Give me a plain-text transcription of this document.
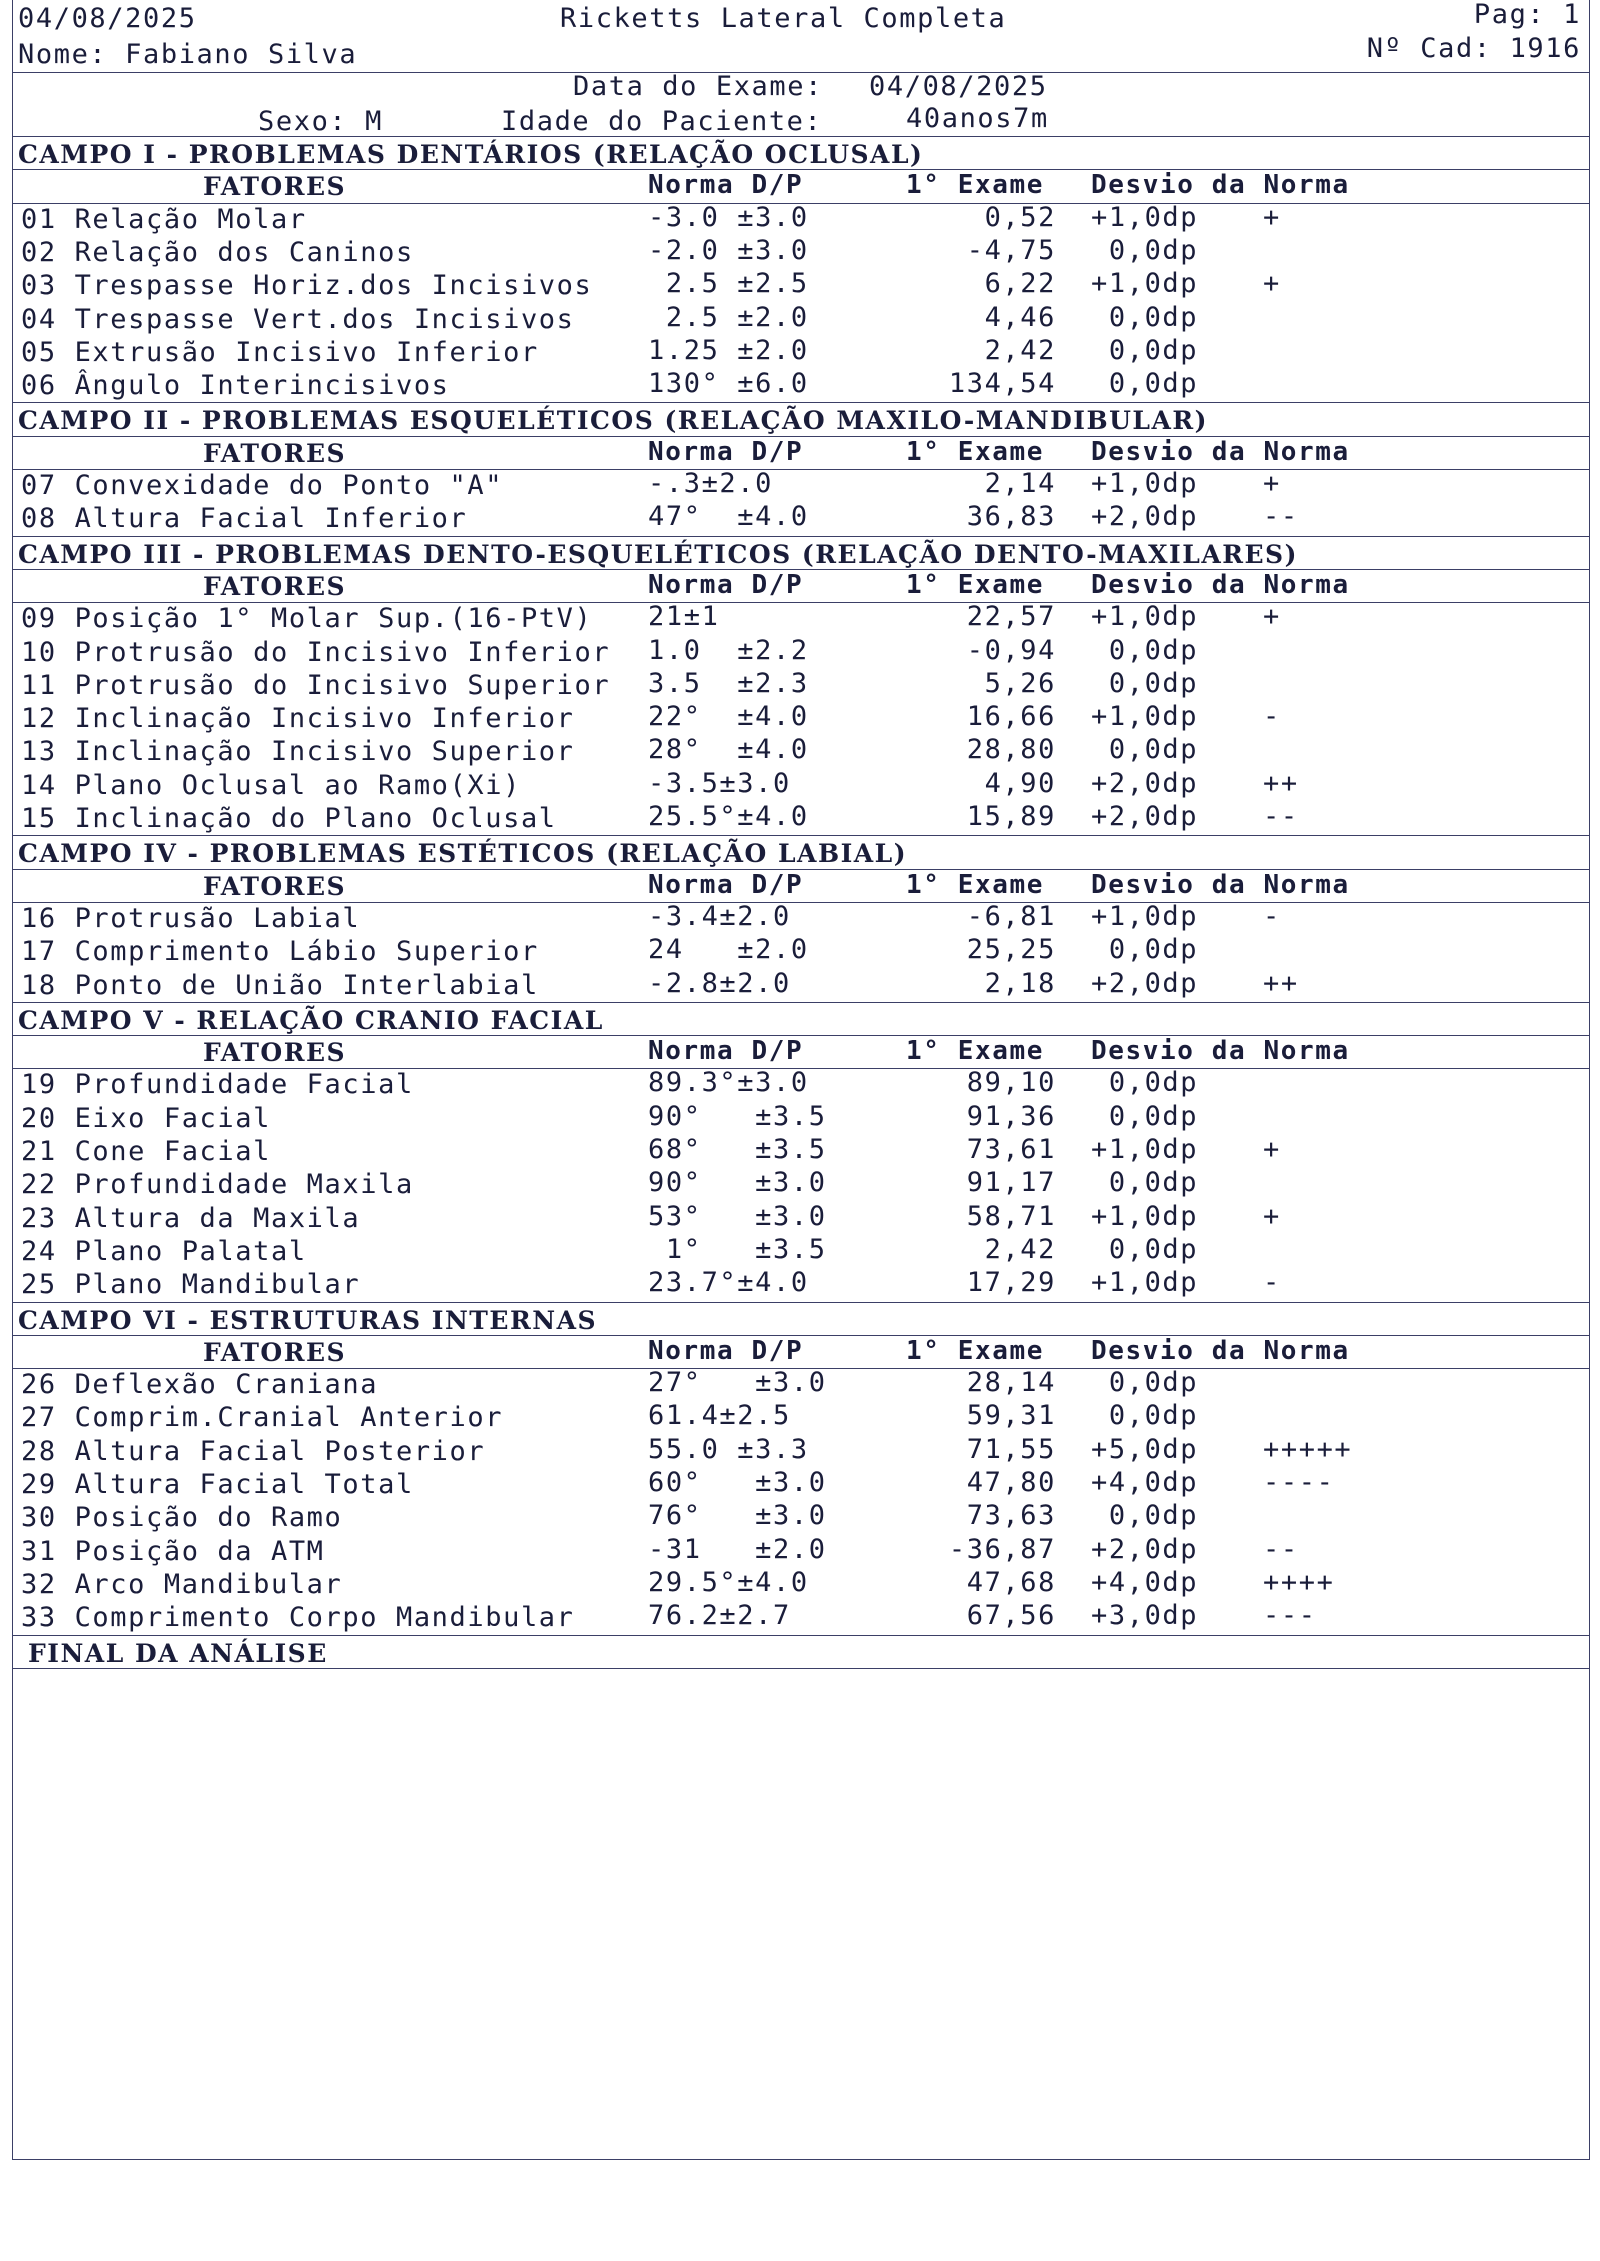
04/08/2025	Ricketts Lateral Completa	Pag: 1
Nome: Fabiano Silva	Nº Cad: 1916
Data do Exame: 04/08/2025
Sexo: M	Idade do Paciente:	40anos7m
CAMPO I - PROBLEMAS DENTÁRIOS (RELAÇÃO OCLUSAL)
FATORES	Norma D/P	1° Exame Desvio da Norma
01 Relação Molar	-3.0 ±3.0	0,52 +1,0dp +
02 Relação dos Caninos	-2.0 ±3.0	-4,75 0,0dp
03 Trespasse Horiz.dos Incisivos 2.5 ±2.5	6,22 +1,0dp +
04 Trespasse Vert.dos Incisivos	2.5 ±2.0	4,46 0,0dp
05 Extrusão Incisivo Inferior	1.25 ±2.0	2,42 0,0dp
06 Ângulo Interincisivos	130° ±6.0	134,54 0,0dp
CAMPO II - PROBLEMAS ESQUELÉTICOS (RELAÇÃO MAXILO-MANDIBULAR)
FATORES	Norma D/P	1° Exame Desvio da Norma
07 Convexidade do Ponto "A"	-.3±2.0	2,14 +1,0dp +
08 Altura Facial Inferior	47°  ±4.0	36,83 +2,0dp --
CAMPO III - PROBLEMAS DENTO-ESQUELÉTICOS (RELAÇÃO DENTO-MAXILARES)
FATORES	Norma D/P	1° Exame Desvio da Norma
09 Posição 1° Molar Sup.(16-PtV) 21±1	22,57 +1,0dp +
10 Protrusão do Incisivo Inferior 1.0  ±2.2	-0,94 0,0dp
11 Protrusão do Incisivo Superior 3.5  ±2.3	5,26 0,0dp
12 Inclinação Incisivo Inferior	22°  ±4.0	16,66 +1,0dp -
13 Inclinação Incisivo Superior	28°  ±4.0	28,80 0,0dp
14 Plano Oclusal ao Ramo(Xi)	-3.5±3.0	4,90 +2,0dp ++
15 Inclinação do Plano Oclusal	25.5°±4.0	15,89 +2,0dp --
CAMPO IV - PROBLEMAS ESTÉTICOS (RELAÇÃO LABIAL)
FATORES	Norma D/P	1° Exame Desvio da Norma
16 Protrusão Labial	-3.4±2.0	-6,81 +1,0dp -
17 Comprimento Lábio Superior	24   ±2.0	25,25 0,0dp
18 Ponto de União Interlabial	-2.8±2.0	2,18 +2,0dp ++
CAMPO V - RELAÇÃO CRANIO FACIAL
FATORES	Norma D/P	1° Exame Desvio da Norma
19 Profundidade Facial	89.3°±3.0	89,10 0,0dp
20 Eixo Facial	90°   ±3.5	91,36 0,0dp
21 Cone Facial	68°   ±3.5	73,61 +1,0dp +
22 Profundidade Maxila	90°   ±3.0	91,17 0,0dp
23 Altura da Maxila	53°   ±3.0	58,71 +1,0dp +
24 Plano Palatal	1°   ±3.5	2,42 0,0dp
25 Plano Mandibular	23.7°±4.0	17,29 +1,0dp -
CAMPO VI - ESTRUTURAS INTERNAS
FATORES	Norma D/P	1° Exame Desvio da Norma
26 Deflexão Craniana	27°   ±3.0	28,14 0,0dp
27 Comprim.Cranial Anterior	61.4±2.5	59,31 0,0dp
28 Altura Facial Posterior	55.0 ±3.3	71,55 +5,0dp +++++
29 Altura Facial Total	60°   ±3.0	47,80 +4,0dp ----
30 Posição do Ramo	76°   ±3.0	73,63 0,0dp
31 Posição da ATM	-31   ±2.0	-36,87 +2,0dp --
32 Arco Mandibular	29.5°±4.0	47,68 +4,0dp ++++
33 Comprimento Corpo Mandibular	76.2±2.7	67,56 +3,0dp ---
FINAL DA ANÁLISE
